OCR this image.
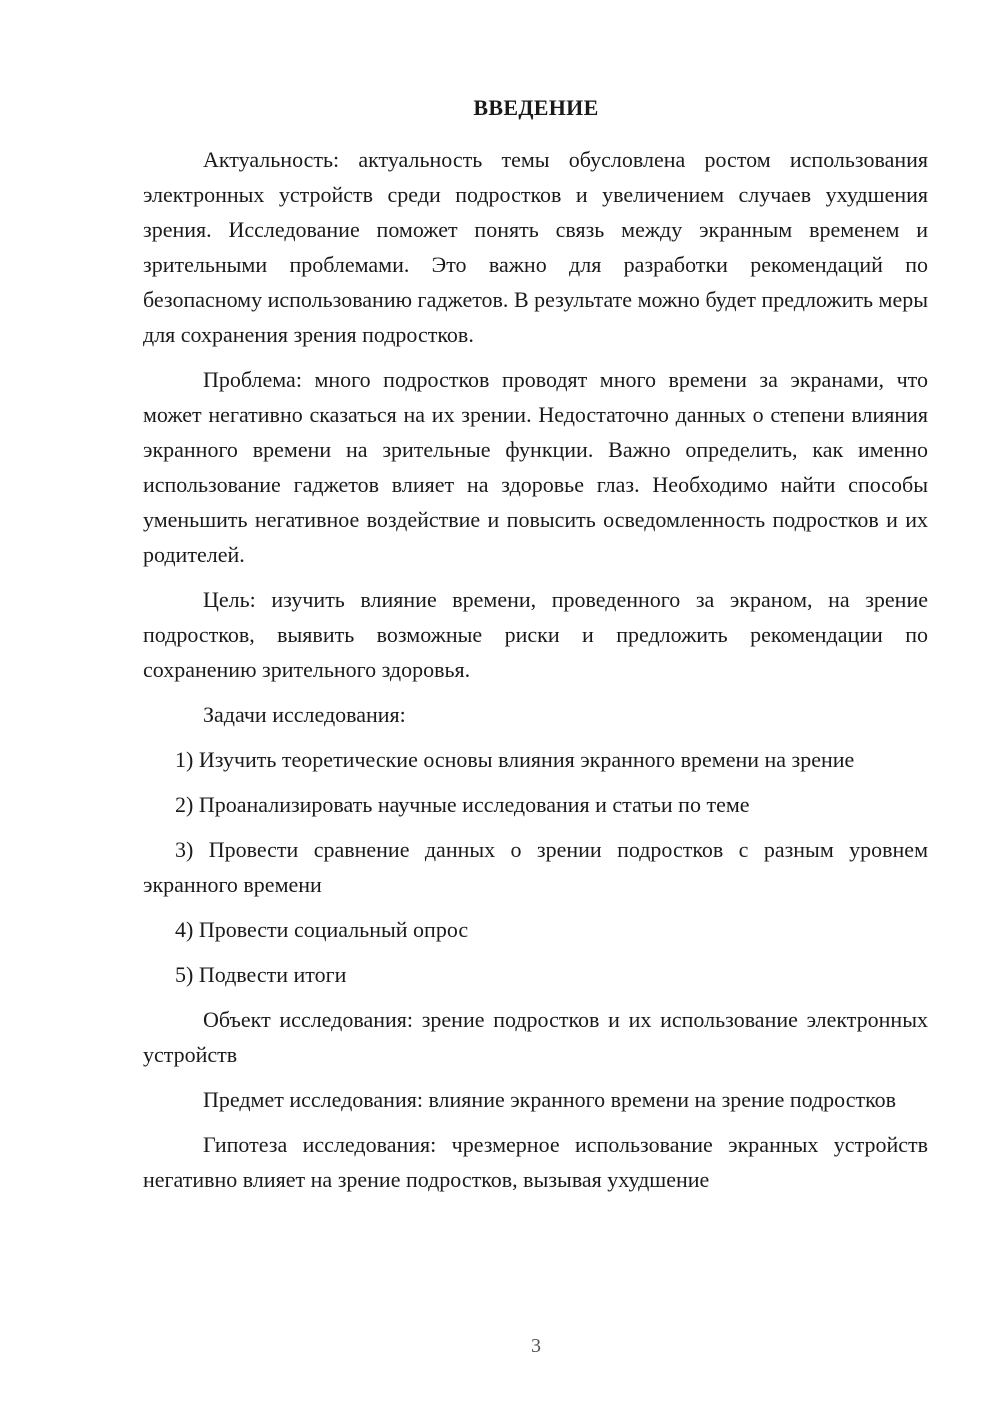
ВВЕДЕНИЕ

Актуальность: актуальность темы обусловлена ростом использования электронных устройств среди подростков и увеличением случаев ухудшения зрения. Исследование поможет понять связь между экранным временем и зрительными проблемами. Это важно для разработки рекомендаций по безопасному использованию гаджетов. В результате можно будет предложить меры для сохранения зрения подростков.

Проблема: много подростков проводят много времени за экранами, что может негативно сказаться на их зрении. Недостаточно данных о степени влияния экранного времени на зрительные функции. Важно определить, как именно использование гаджетов влияет на здоровье глаз. Необходимо найти способы уменьшить негативное воздействие и повысить осведомленность подростков и их родителей.

Цель: изучить влияние времени, проведенного за экраном, на зрение подростков, выявить возможные риски и предложить рекомендации по сохранению зрительного здоровья.

Задачи исследования:

1) Изучить теоретические основы влияния экранного времени на зрение

2) Проанализировать научные исследования и статьи по теме

3) Провести сравнение данных о зрении подростков с разным уровнем экранного времени

4) Провести социальный опрос

5) Подвести итоги

Объект исследования: зрение подростков и их использование электронных устройств

Предмет исследования: влияние экранного времени на зрение подростков

Гипотеза исследования: чрезмерное использование экранных устройств негативно влияет на зрение подростков, вызывая ухудшение

3
